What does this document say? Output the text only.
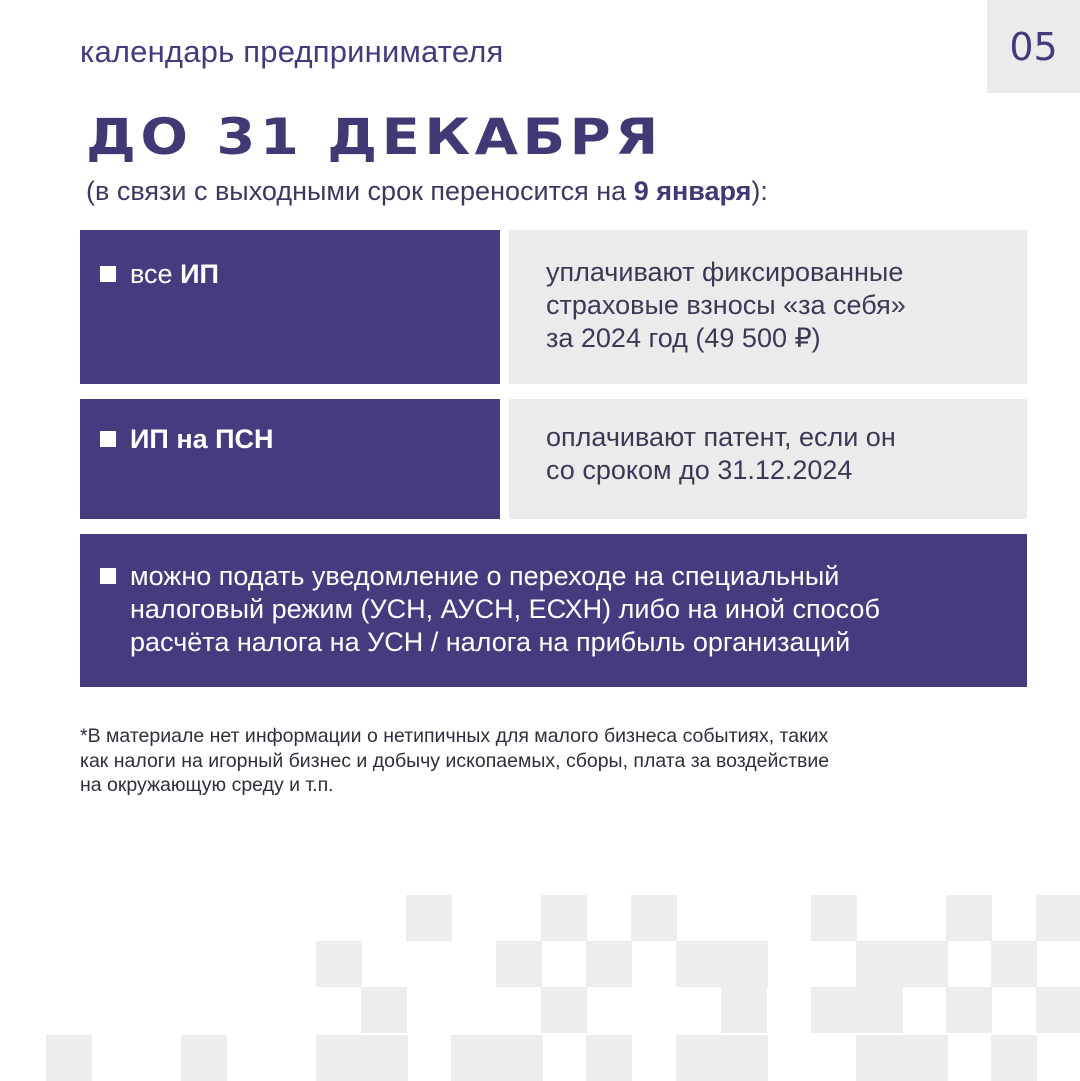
календарь предпринимателя	05
ДО 31 ДЕКАБРЯ
(в связи с выходными срок переносится на 9 января):
все ИП	уплачивают фиксированные
страховые взносы «за себя»
за 2024 год (49 500 ₽)
ИП на ПСН	оплачивают патент, если он
со сроком до 31.12.2024
можно подать уведомление о переходе на специальный
налоговый режим (УСН, АУСН, ЕСХН) либо на иной способ
расчёта налога на УСН / налога на прибыль организаций
*В материале нет информации о нетипичных для малого бизнеса событиях, таких
как налоги на игорный бизнес и добычу ископаемых, сборы, плата за воздействие
на окружающую среду и т.п.
